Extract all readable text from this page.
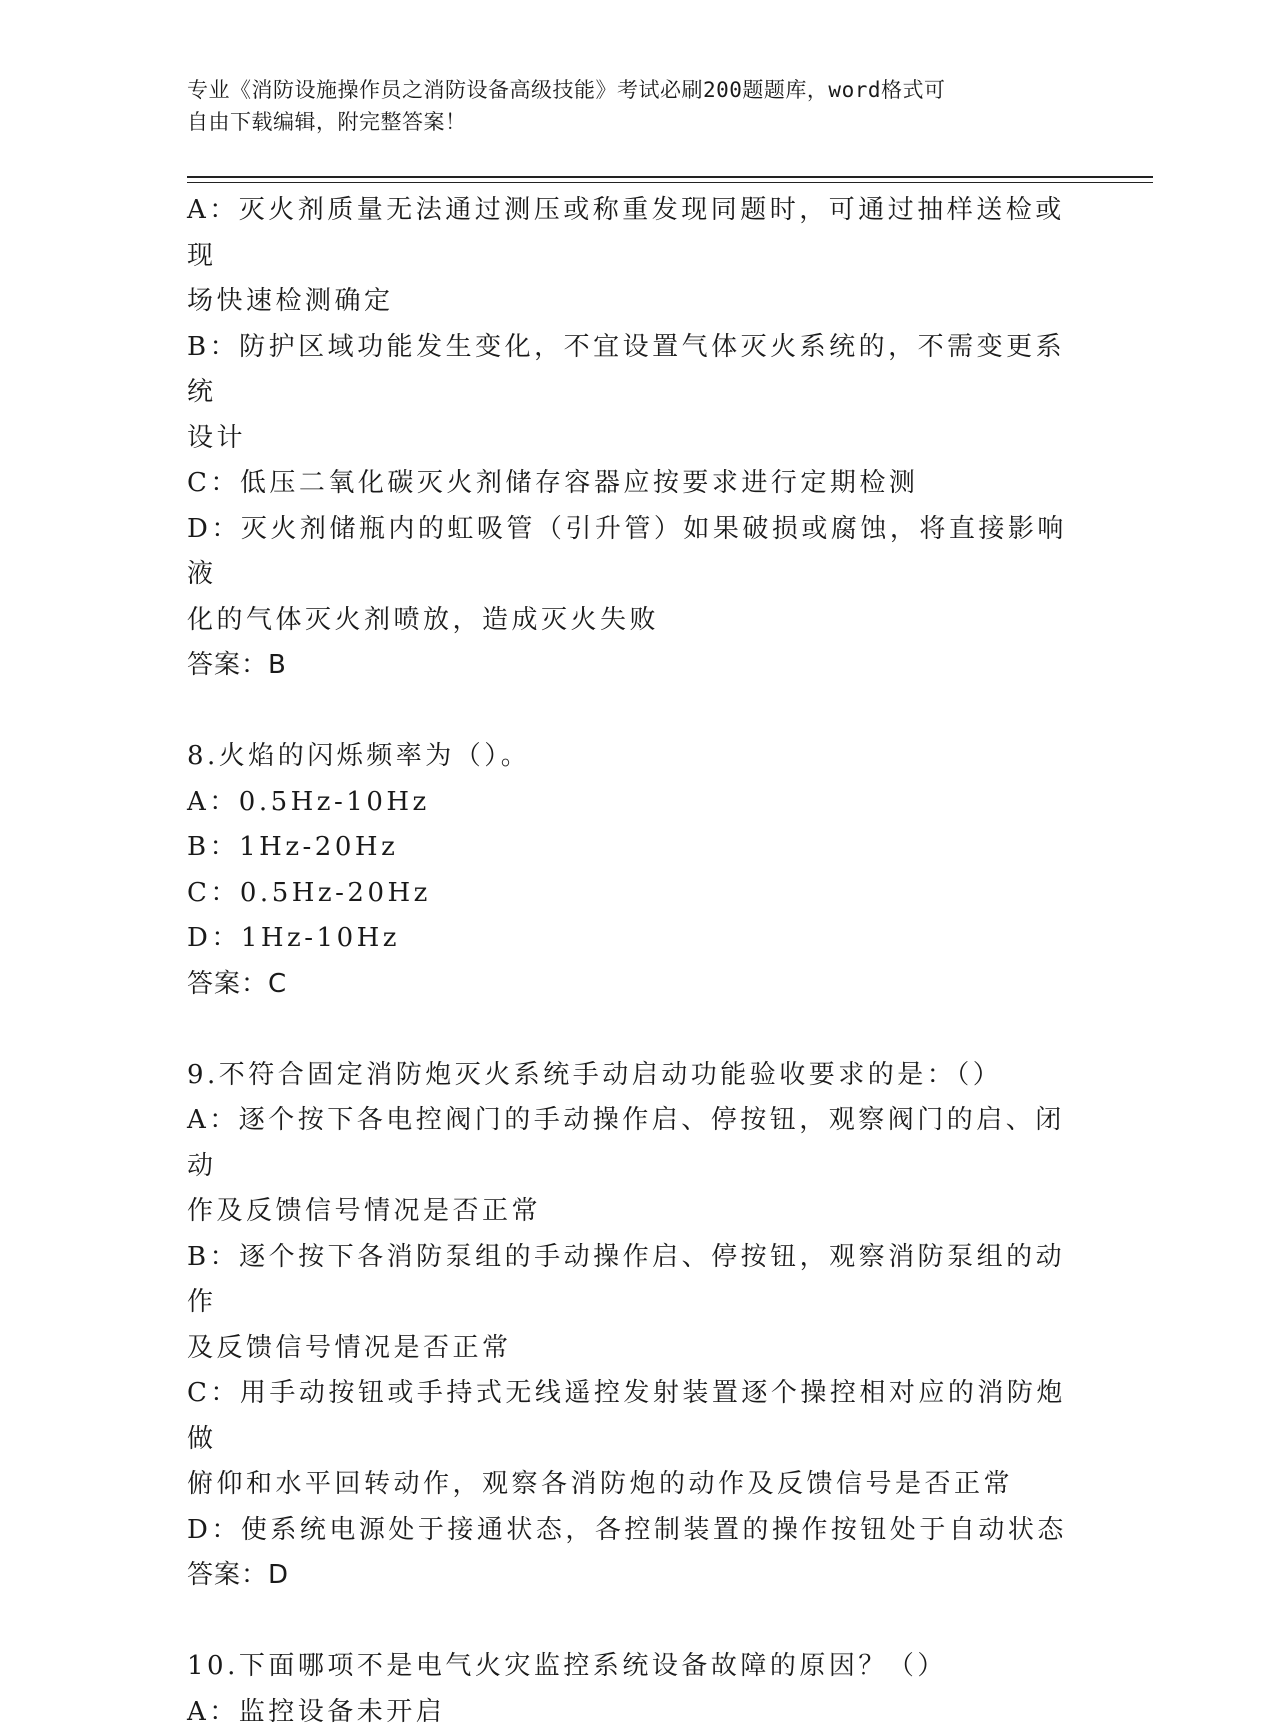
专业《消防设施操作员之消防设备高级技能》考试必刷200题题库，word格式可
自由下载编辑，附完整答案！

A：灭火剂质量无法通过测压或称重发现同题时，可通过抽样送检或现

场快速检测确定

B：防护区域功能发生变化，不宜设置气体灭火系统的，不需变更系统

设计

C：低压二氧化碳灭火剂储存容器应按要求进行定期检测

D：灭火剂储瓶内的虹吸管（引升管）如果破损或腐蚀，将直接影响液

化的气体灭火剂喷放，造成灭火失败

答案：B

8.火焰的闪烁频率为（）。

A：0.5Hz-10Hz

B：1Hz-20Hz

C：0.5Hz-20Hz

D：1Hz-10Hz

答案：C

9.不符合固定消防炮灭火系统手动启动功能验收要求的是：（）

A：逐个按下各电控阀门的手动操作启、停按钮，观察阀门的启、闭动

作及反馈信号情况是否正常

B：逐个按下各消防泵组的手动操作启、停按钮，观察消防泵组的动作

及反馈信号情况是否正常

C：用手动按钮或手持式无线遥控发射装置逐个操控相对应的消防炮做

俯仰和水平回转动作，观察各消防炮的动作及反馈信号是否正常

D：使系统电源处于接通状态，各控制装置的操作按钮处于自动状态

答案：D

10.下面哪项不是电气火灾监控系统设备故障的原因？（）

A：监控设备未开启
